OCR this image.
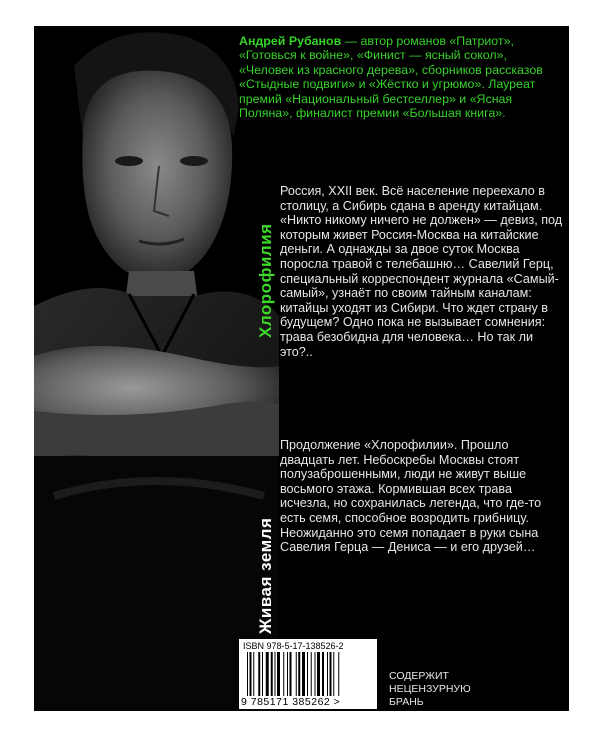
Хлорофилия
Живая земля
Андрей Рубанов — автор романов «Патриот», «Готовься к войне», «Финист — ясный сокол», «Человек из красного дерева», сборников рассказов «Стыдные подвиги» и «Жёстко и угрюмо». Лауреат премий «Национальный бестселлер» и «Ясная Поляна», финалист премии «Большая книга».
Россия, XXII век. Всё население переехало в столицу, а Сибирь сдана в аренду китайцам. «Никто никому ничего не должен» — девиз, под которым живет Россия-Москва на китайские деньги. А однажды за двое суток Москва поросла травой с телебашню… Савелий Герц, специальный корреспондент журнала «Самый-самый», узнаёт по своим тайным каналам: китайцы уходят из Сибири. Что ждет страну в будущем? Одно пока не вызывает сомнения: трава безобидна для человека… Но так ли это?..
Продолжение «Хлорофилии». Прошло двадцать лет. Небоскребы Москвы стоят полузаброшенными, люди не живут выше восьмого этажа. Кормившая всех трава исчезла, но сохранилась легенда, что где-то есть семя, способное возродить грибницу. Неожиданно это семя попадает в руки сына Савелия Герца — Дениса — и его друзей…
ISBN 978-5-17-138526-2
9 785171 385262 >
СОДЕРЖИТ
НЕЦЕНЗУРНУЮ
БРАНЬ
